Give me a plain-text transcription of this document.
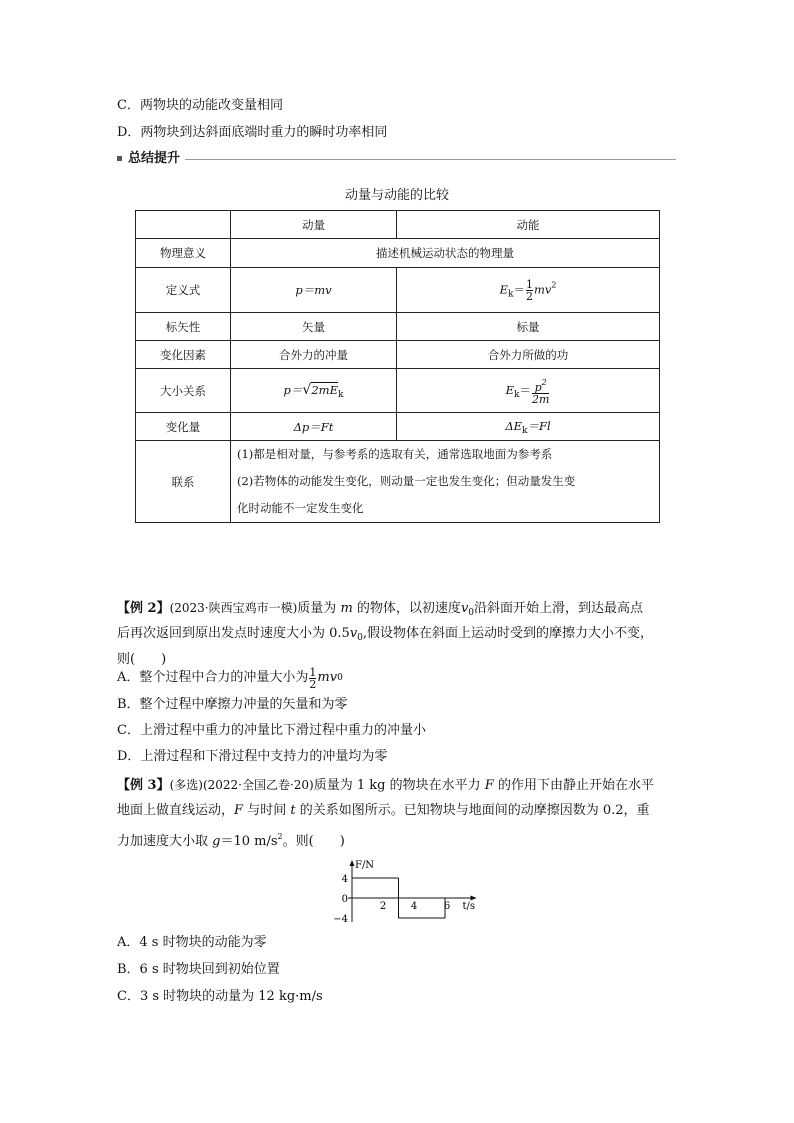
C．两物块的动能改变量相同
D．两物块到达斜面底端时重力的瞬时功率相同
总结提升
动量与动能的比较
	动量	动能
物理意义	描述机械运动状态的物理量	
定义式	p＝mv	$E_k= \frac{1}{2} mv^2$
标矢性	矢量	标量
变化因素	合外力的冲量	合外力所做的功
大小关系	$p=√2mE_k$	$E_k= \frac{p^2}{2m}$

变化量	Δp＝Ft	$\Delta E_k=Fl$
联系	(1)都是相对量，与参考系的选取有关，通常选取地面为参考系
(2)若物体的动能发生变化，则动量一定也发生变化；但动量发生变
化时动能不一定发生变化	
【例 2】(2023·陕西宝鸡市一模)质量为 m 的物体，以初速度$v_0$沿斜面开始上滑，到达最高点
后再次返回到原出发点时速度大小为 $0.5v_0$,假设物体在斜面上运动时受到的摩擦力大小不变，
则(　　)
A．整个过程中合力的冲量大小为 $\frac{1}{2}$ mv 0
B．整个过程中摩擦力冲量的矢量和为零
C．上滑过程中重力的冲量比下滑过程中重力的冲量小
D．上滑过程和下滑过程中支持力的冲量均为零
【例 3】(多选)(2022·全国乙卷·20)质量为 1 kg 的物块在水平力 F 的作用下由静止开始在水平
地面上做直线运动，F 与时间 t 的关系如图所示。已知物块与地面间的动摩擦因数为 0.2，重
力加速度大小取 g＝10 $m/s^2$。则(　　)
F/N
t/s
4
0
−4
2 4	6
A．4 s 时物块的动能为零
B．6 s 时物块回到初始位置
C．3 s 时物块的动量为 12 kg·m/s
